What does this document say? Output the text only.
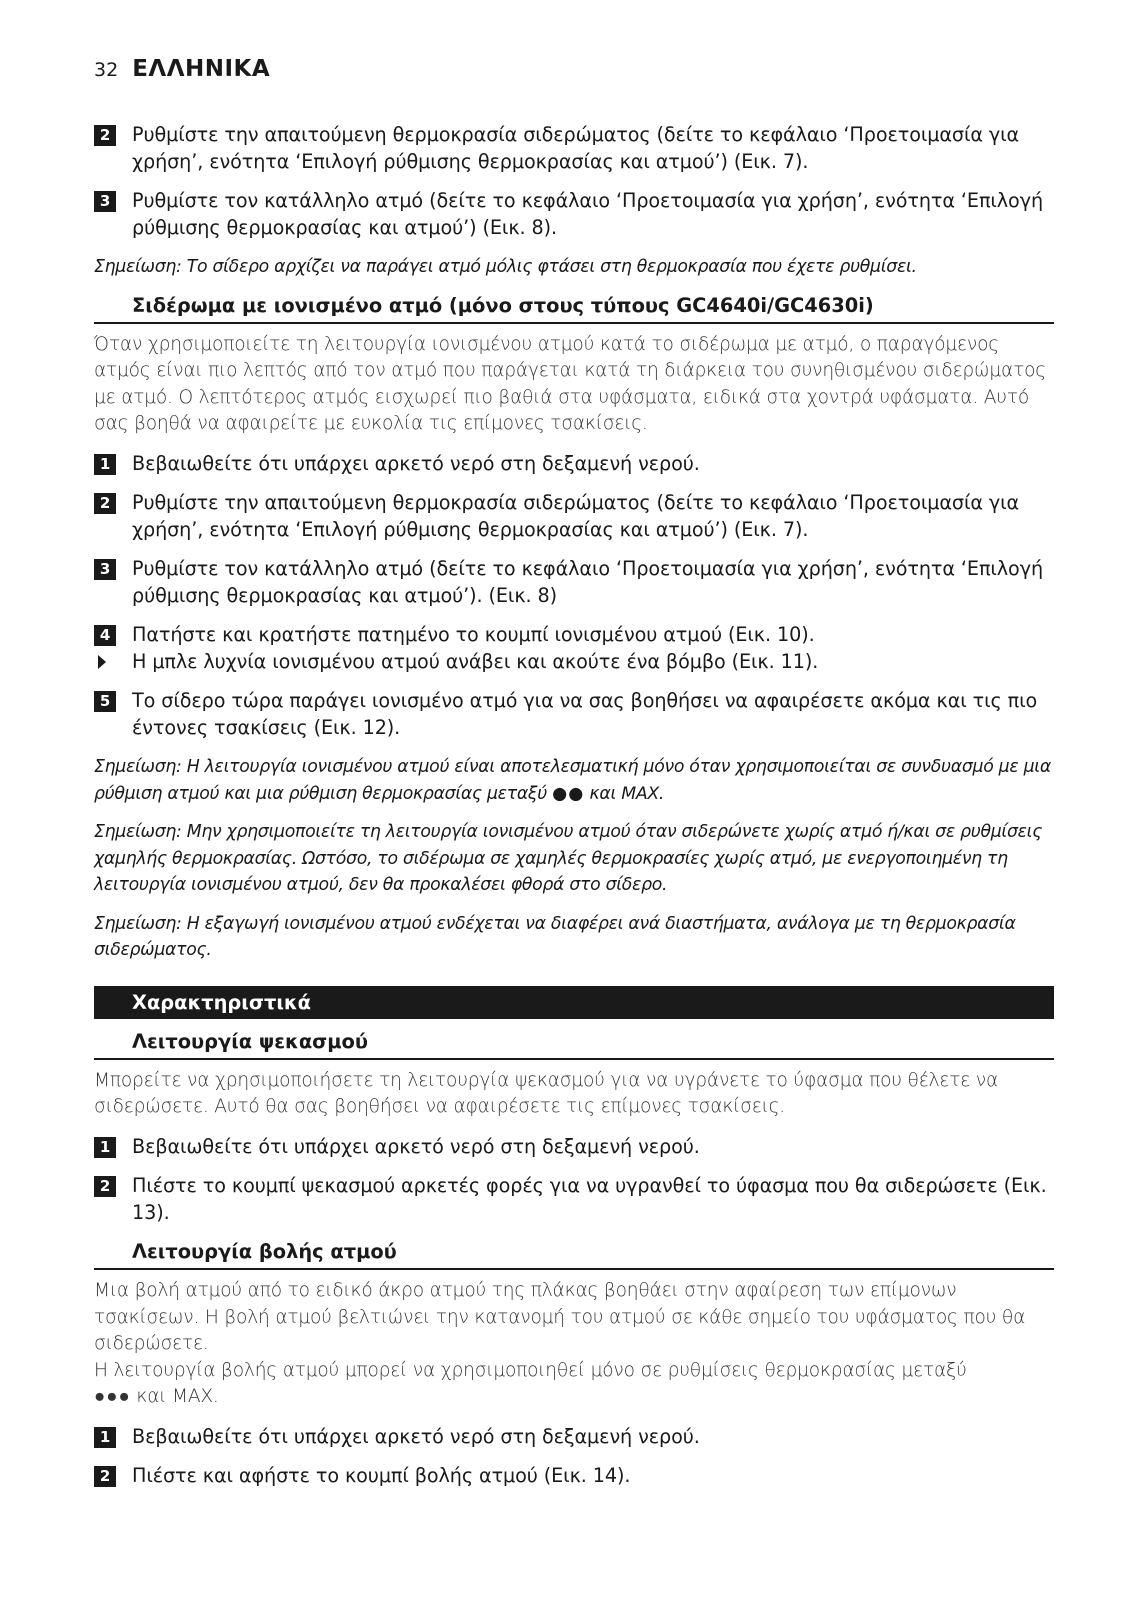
32 ΕΛΛΗΝΙΚΑ
2	Ρυθμίστε την απαιτούμενη θερμοκρασία σιδερώματος (δείτε το κεφάλαιο ‘Προετοιμασία για χρήση’, ενότητα ‘Επιλογή ρύθμισης θερμοκρασίας και ατμού’) (Εικ. 7).
3	Ρυθμίστε τον κατάλληλο ατμό (δείτε το κεφάλαιο ‘Προετοιμασία για χρήση’, ενότητα ‘Επιλογή ρύθμισης θερμοκρασίας και ατμού’) (Εικ. 8).
Σημείωση: Το σίδερο αρχίζει να παράγει ατμό μόλις φτάσει στη θερμοκρασία που έχετε ρυθμίσει.
Σιδέρωμα με ιονισμένο ατμό (μόνο στους τύπους GC4640i/GC4630i)
Όταν χρησιμοποιείτε τη λειτουργία ιονισμένου ατμού κατά το σιδέρωμα με ατμό, ο παραγόμενος ατμός είναι πιο λεπτός από τον ατμό που παράγεται κατά τη διάρκεια του συνηθισμένου σιδερώματος με ατμό. Ο λεπτότερος ατμός εισχωρεί πιο βαθιά στα υφάσματα, ειδικά στα χοντρά υφάσματα. Αυτό σας βοηθά να αφαιρείτε με ευκολία τις επίμονες τσακίσεις.
1	Βεβαιωθείτε ότι υπάρχει αρκετό νερό στη δεξαμενή νερού.
2	Ρυθμίστε την απαιτούμενη θερμοκρασία σιδερώματος (δείτε το κεφάλαιο ‘Προετοιμασία για χρήση’, ενότητα ‘Επιλογή ρύθμισης θερμοκρασίας και ατμού’) (Εικ. 7).
3	Ρυθμίστε τον κατάλληλο ατμό (δείτε το κεφάλαιο ‘Προετοιμασία για χρήση’, ενότητα ‘Επιλογή ρύθμισης θερμοκρασίας και ατμού’). (Εικ. 8)
4	Πατήστε και κρατήστε πατημένο το κουμπί ιονισμένου ατμού (Εικ. 10).
Η μπλε λυχνία ιονισμένου ατμού ανάβει και ακούτε ένα βόμβο (Εικ. 11).
5	Το σίδερο τώρα παράγει ιονισμένο ατμό για να σας βοηθήσει να αφαιρέσετε ακόμα και τις πιο έντονες τσακίσεις (Εικ. 12).
Σημείωση: Η λειτουργία ιονισμένου ατμού είναι αποτελεσματική μόνο όταν χρησιμοποιείται σε συνδυασμό με μια ρύθμιση ατμού και μια ρύθμιση θερμοκρασίας μεταξύ ●● και MAX.
Σημείωση: Μην χρησιμοποιείτε τη λειτουργία ιονισμένου ατμού όταν σιδερώνετε χωρίς ατμό ή/και σε ρυθμίσεις χαμηλής θερμοκρασίας. Ωστόσο, το σιδέρωμα σε χαμηλές θερμοκρασίες χωρίς ατμό, με ενεργοποιημένη τη λειτουργία ιονισμένου ατμού, δεν θα προκαλέσει φθορά στο σίδερο.
Σημείωση: Η εξαγωγή ιονισμένου ατμού ενδέχεται να διαφέρει ανά διαστήματα, ανάλογα με τη θερμοκρασία σιδερώματος.
Χαρακτηριστικά
Λειτουργία ψεκασμού
Μπορείτε να χρησιμοποιήσετε τη λειτουργία ψεκασμού για να υγράνετε το ύφασμα που θέλετε να σιδερώσετε. Αυτό θα σας βοηθήσει να αφαιρέσετε τις επίμονες τσακίσεις.
1	Βεβαιωθείτε ότι υπάρχει αρκετό νερό στη δεξαμενή νερού.
2	Πιέστε το κουμπί ψεκασμού αρκετές φορές για να υγρανθεί το ύφασμα που θα σιδερώσετε (Εικ. 13).
Λειτουργία βολής ατμού
Μια βολή ατμού από το ειδικό άκρο ατμού της πλάκας βοηθάει στην αφαίρεση των επίμονων τσακίσεων. Η βολή ατμού βελτιώνει την κατανομή του ατμού σε κάθε σημείο του υφάσματος που θα σιδερώσετε.
Η λειτουργία βολής ατμού μπορεί να χρησιμοποιηθεί μόνο σε ρυθμίσεις θερμοκρασίας μεταξύ
●●● και MAX.
1	Βεβαιωθείτε ότι υπάρχει αρκετό νερό στη δεξαμενή νερού.
2	Πιέστε και αφήστε το κουμπί βολής ατμού (Εικ. 14).
